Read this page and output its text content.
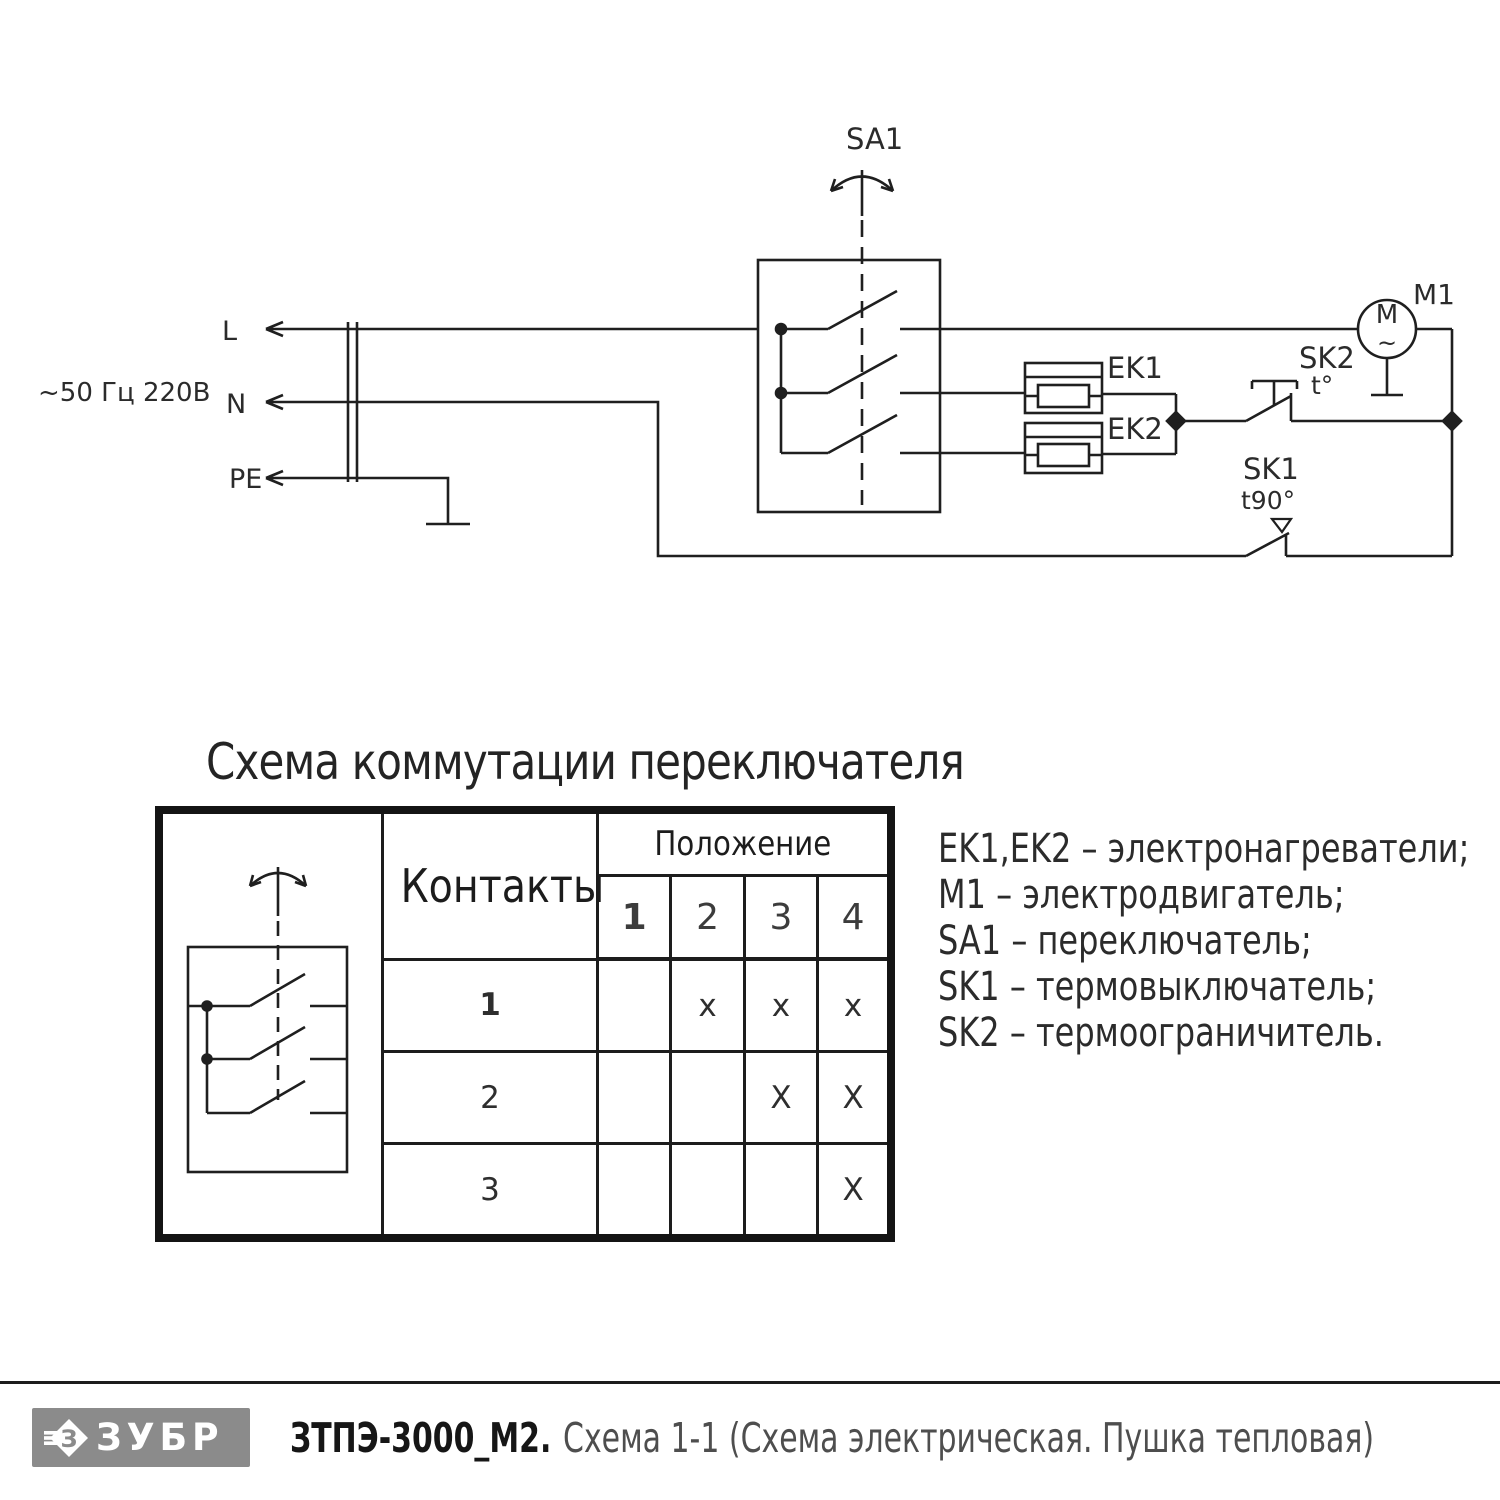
~50 Гц 220В
L
N
PE
SA1
EK1
EK2
SK2
t°
SK1
t90°
M1
M
~
Схема коммутации переключателя
	Контакты	Положение			
		1	2	3	4
	1		x	x	x
	2			X	X
	3				X
EK1,EK2 – электронагреватели;
M1 – электродвигатель;
SA1 – переключатель;
SK1 – термовыключатель;
SK2 – термоограничитель.
З ЗУБР ЗТПЭ-3000_М2. Схема 1-1 (Схема электрическая. Пушка тепловая)
